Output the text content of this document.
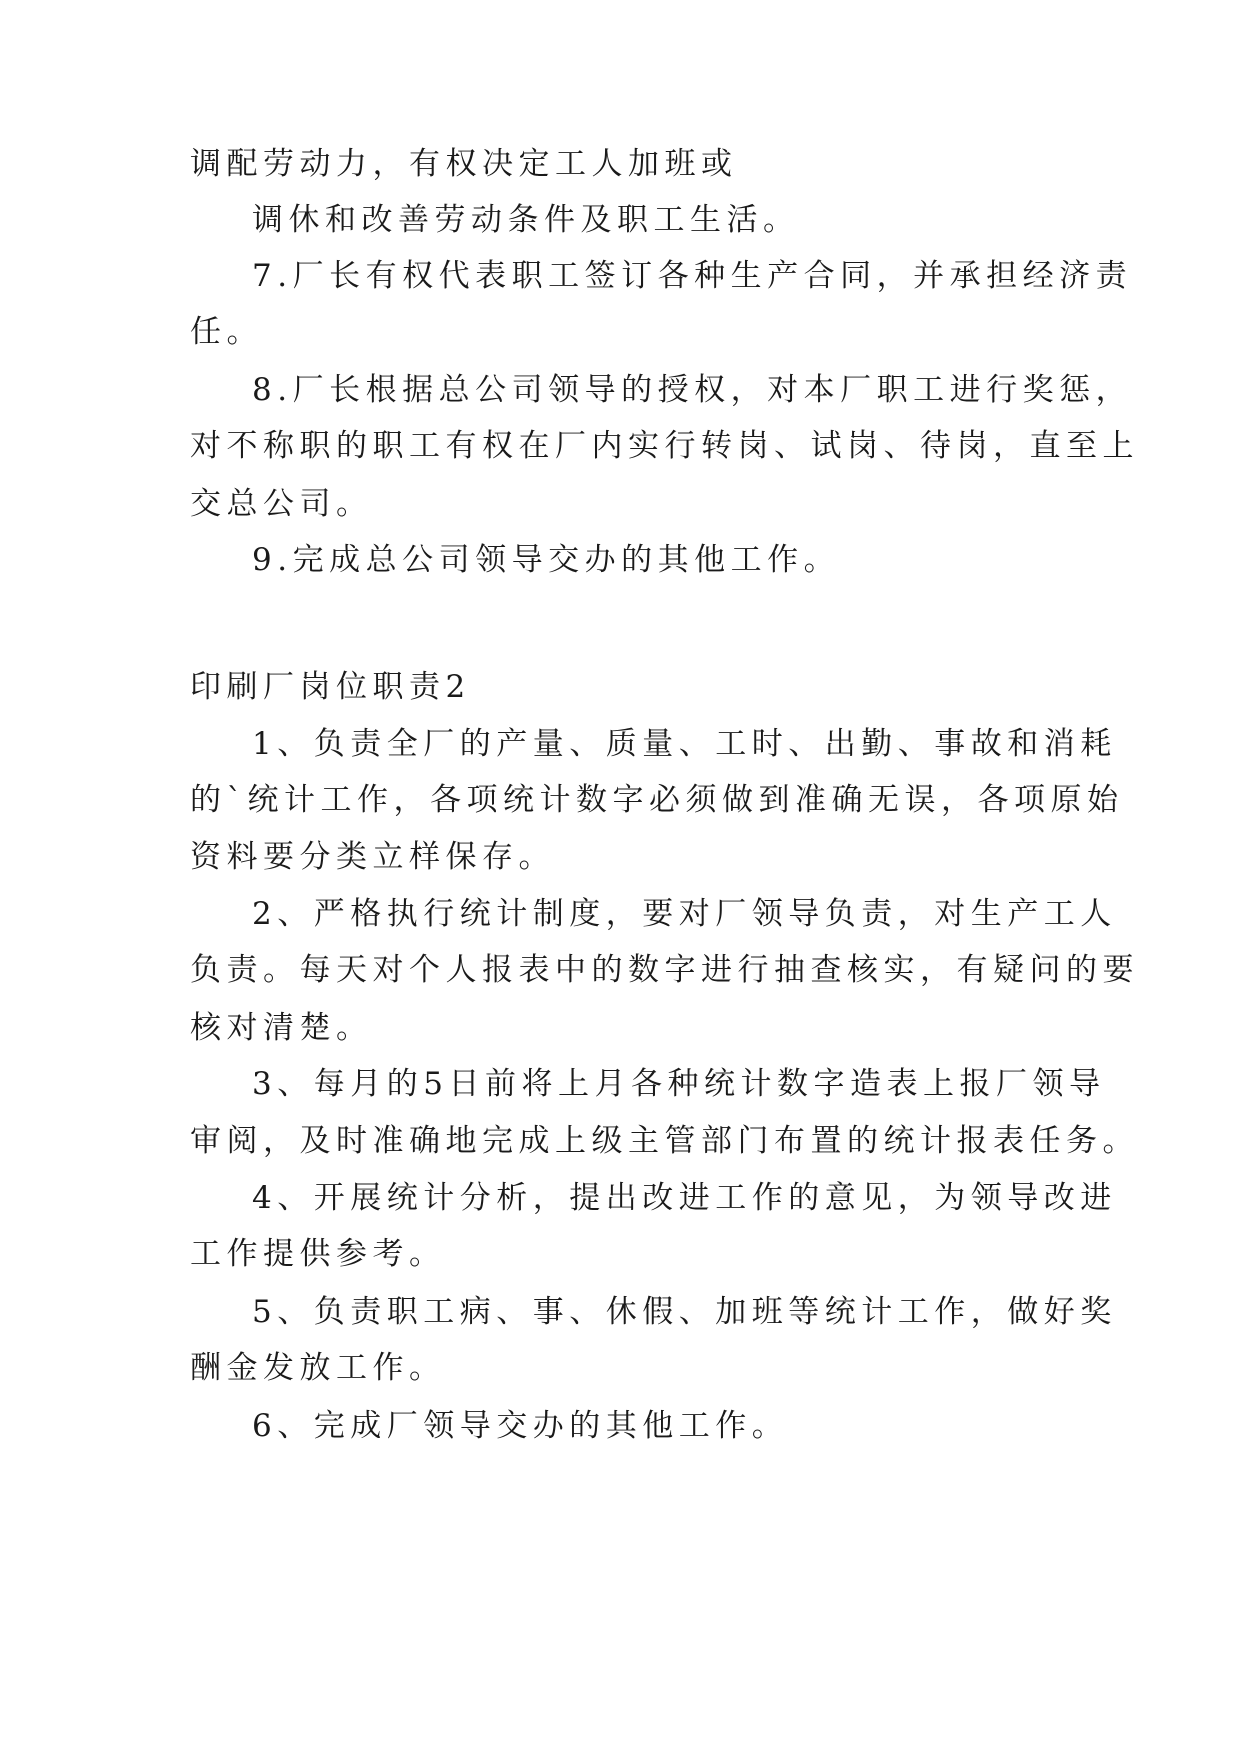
调配劳动力，有权决定工人加班或

调休和改善劳动条件及职工生活。

7.厂长有权代表职工签订各种生产合同，并承担经济责

任。

8.厂长根据总公司领导的授权，对本厂职工进行奖惩，

对不称职的职工有权在厂内实行转岗、试岗、待岗，直至上

交总公司。

9.完成总公司领导交办的其他工作。

印刷厂岗位职责2

1、负责全厂的产量、质量、工时、出勤、事故和消耗

的`统计工作，各项统计数字必须做到准确无误，各项原始

资料要分类立样保存。

2、严格执行统计制度，要对厂领导负责，对生产工人

负责。每天对个人报表中的数字进行抽查核实，有疑问的要

核对清楚。

3、每月的5日前将上月各种统计数字造表上报厂领导

审阅，及时准确地完成上级主管部门布置的统计报表任务。

4、开展统计分析，提出改进工作的意见，为领导改进

工作提供参考。

5、负责职工病、事、休假、加班等统计工作，做好奖

酬金发放工作。

6、完成厂领导交办的其他工作。
